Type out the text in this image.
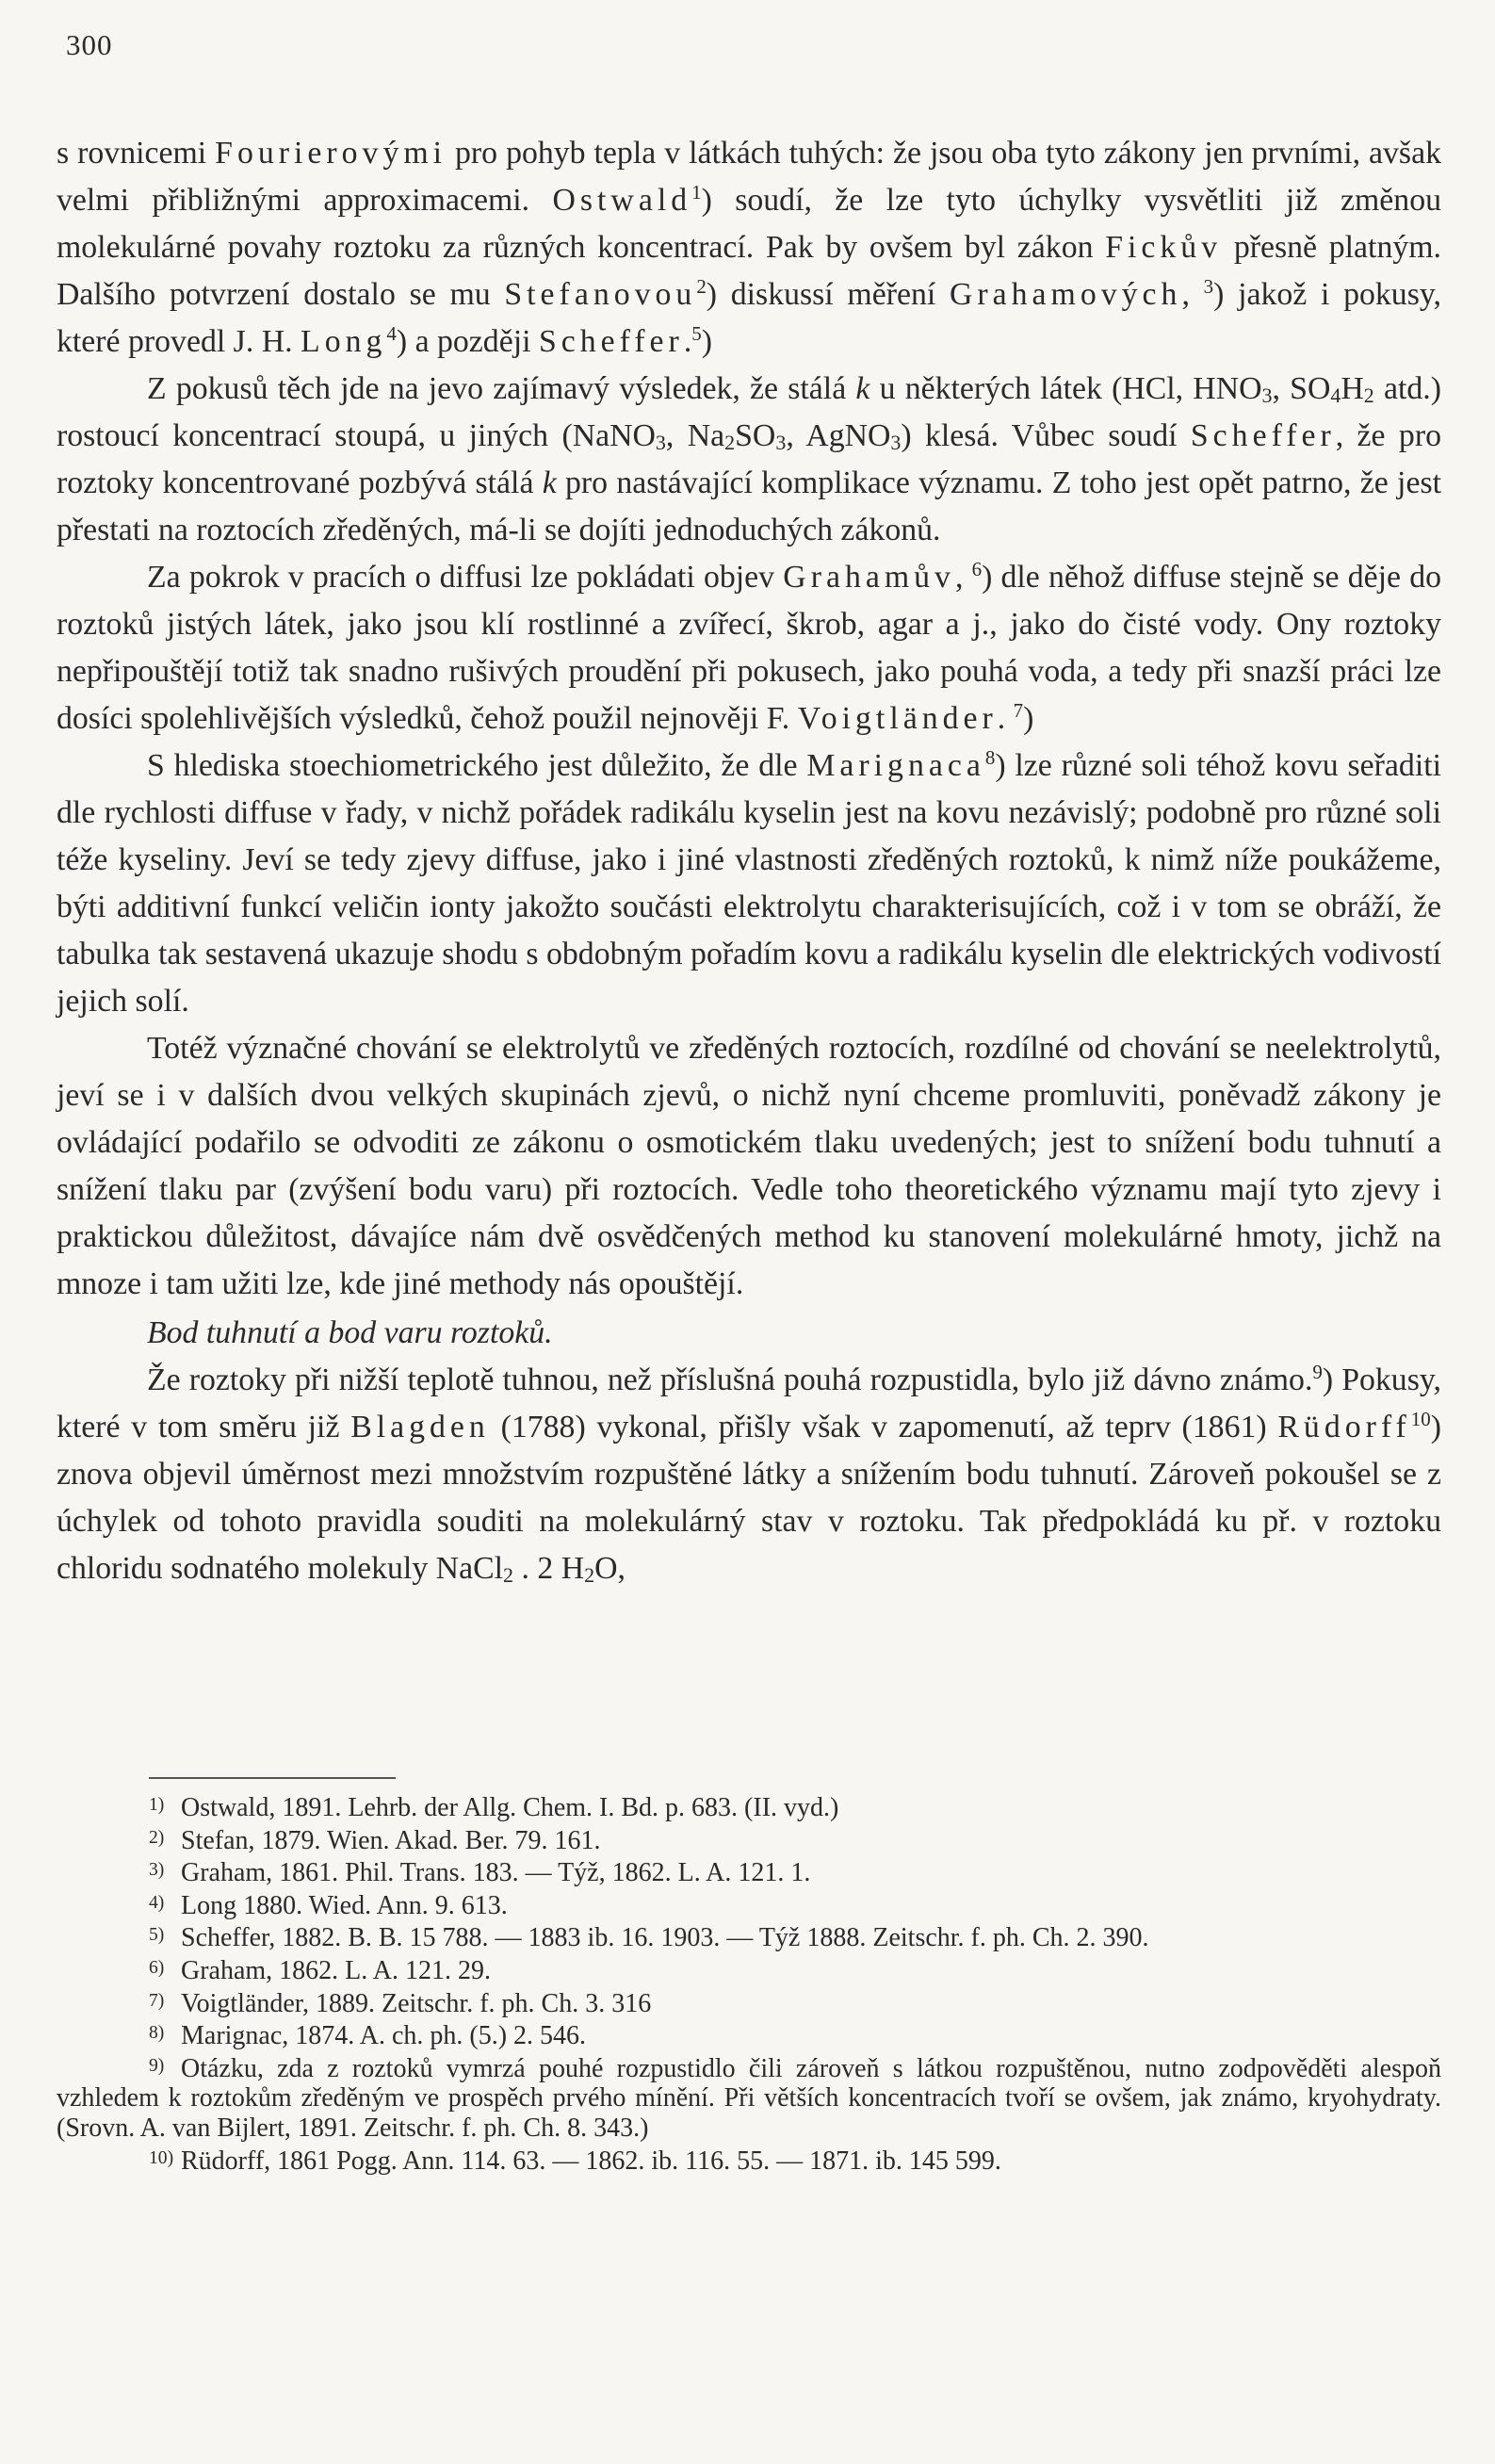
300

s rovnicemi Fourierovými pro pohyb tepla v látkách tuhých: že jsou oba tyto zákony jen prvními, avšak velmi přibližnými approximacemi. Ostwald$^1$) soudí, že lze tyto úchylky vysvětliti již změnou molekulárné povahy roztoku za různých koncentrací. Pak by ovšem byl zákon Fickův přesně platným. Dalšího potvrzení dostalo se mu Stefanovou$^2$) diskussí měření Grahamových, $^3$) jakož i pokusy, které provedl J. H. Long$^4$) a později Scheffer.$^5$)

Z pokusů těch jde na jevo zajímavý výsledek, že stálá k u některých látek (HCl, $HNO_3$, $SO_4H_2$ atd.) rostoucí koncentrací stoupá, u jiných (NaNO$_3$, $Na_2SO_3$, AgNO$_3$) klesá. Vůbec soudí Scheffer, že pro roztoky koncentrované pozbývá stálá k pro nastávající komplikace významu. Z toho jest opět patrno, že jest přestati na roztocích zředěných, má-li se dojíti jednoduchých zákonů.

Za pokrok v pracích o diffusi lze pokládati objev Grahamův, $^6$) dle něhož diffuse stejně se děje do roztoků jistých látek, jako jsou klí rostlinné a zvířecí, škrob, agar a j., jako do čisté vody. Ony roztoky nepřipouštějí totiž tak snadno rušivých proudění při pokusech, jako pouhá voda, a tedy při snazší práci lze dosíci spolehlivějších výsledků, čehož použil nejnověji F. Voigtländer. $^7$)

S hlediska stoechiometrického jest důležito, že dle Marignaca$^8$) lze různé soli téhož kovu seřaditi dle rychlosti diffuse v řady, v nichž pořádek radikálu kyselin jest na kovu nezávislý; podobně pro různé soli téže kyseliny. Jeví se tedy zjevy diffuse, jako i jiné vlastnosti zředěných roztoků, k nimž níže poukážeme, býti additivní funkcí veličin ionty jakožto součásti elektrolytu charakterisujících, což i v tom se obráží, že tabulka tak sestavená ukazuje shodu s obdobným pořadím kovu a radikálu kyselin dle elektrických vodivostí jejich solí.

Totéž význačné chování se elektrolytů ve zředěných roztocích, rozdílné od chování se neelektrolytů, jeví se i v dalších dvou velkých skupinách zjevů, o nichž nyní chceme promluviti, poněvadž zákony je ovládající podařilo se odvoditi ze zákonu o osmotickém tlaku uvedených; jest to snížení bodu tuhnutí a snížení tlaku par (zvýšení bodu varu) při roztocích. Vedle toho theoretického významu mají tyto zjevy i praktickou důležitost, dávajíce nám dvě osvědčených method ku stanovení molekulárné hmoty, jichž na mnoze i tam užiti lze, kde jiné methody nás opouštějí.

Bod tuhnutí a bod varu roztoků.

Že roztoky při nižší teplotě tuhnou, než příslušná pouhá rozpustidla, bylo již dávno známo.$^9$) Pokusy, které v tom směru již Blagden (1788) vykonal, přišly však v zapomenutí, až teprv (1861) Rüdorff$^{10}$) znova objevil úměrnost mezi množstvím rozpuštěné látky a snížením bodu tuhnutí. Zároveň pokoušel se z úchylek od tohoto pravidla souditi na molekulárný stav v roztoku. Tak předpokládá ku př. v roztoku chloridu sodnatého molekuly NaCl$_2$ . 2 $H_2O$,

1) Ostwald, 1891. Lehrb. der Allg. Chem. I. Bd. p. 683. (II. vyd.)

2) Stefan, 1879. Wien. Akad. Ber. 79. 161.

3) Graham, 1861. Phil. Trans. 183. — Týž, 1862. L. A. 121. 1.

4) Long 1880. Wied. Ann. 9. 613.

5) Scheffer, 1882. B. B. 15 788. — 1883 ib. 16. 1903. — Týž 1888. Zeitschr. f. ph. Ch. 2. 390.

6) Graham, 1862. L. A. 121. 29.

7) Voigtländer, 1889. Zeitschr. f. ph. Ch. 3. 316

8) Marignac, 1874. A. ch. ph. (5.) 2. 546.

9) Otázku, zda z roztoků vymrzá pouhé rozpustidlo čili zároveň s látkou rozpuštěnou, nutno zodpověděti alespoň vzhledem k roztokům zředěným ve prospěch prvého mínění. Při větších koncentracích tvoří se ovšem, jak známo, kryohydraty. (Srovn. A. van Bijlert, 1891. Zeitschr. f. ph. Ch. 8. 343.)

10) Rüdorff, 1861 Pogg. Ann. 114. 63. — 1862. ib. 116. 55. — 1871. ib. 145 599.
